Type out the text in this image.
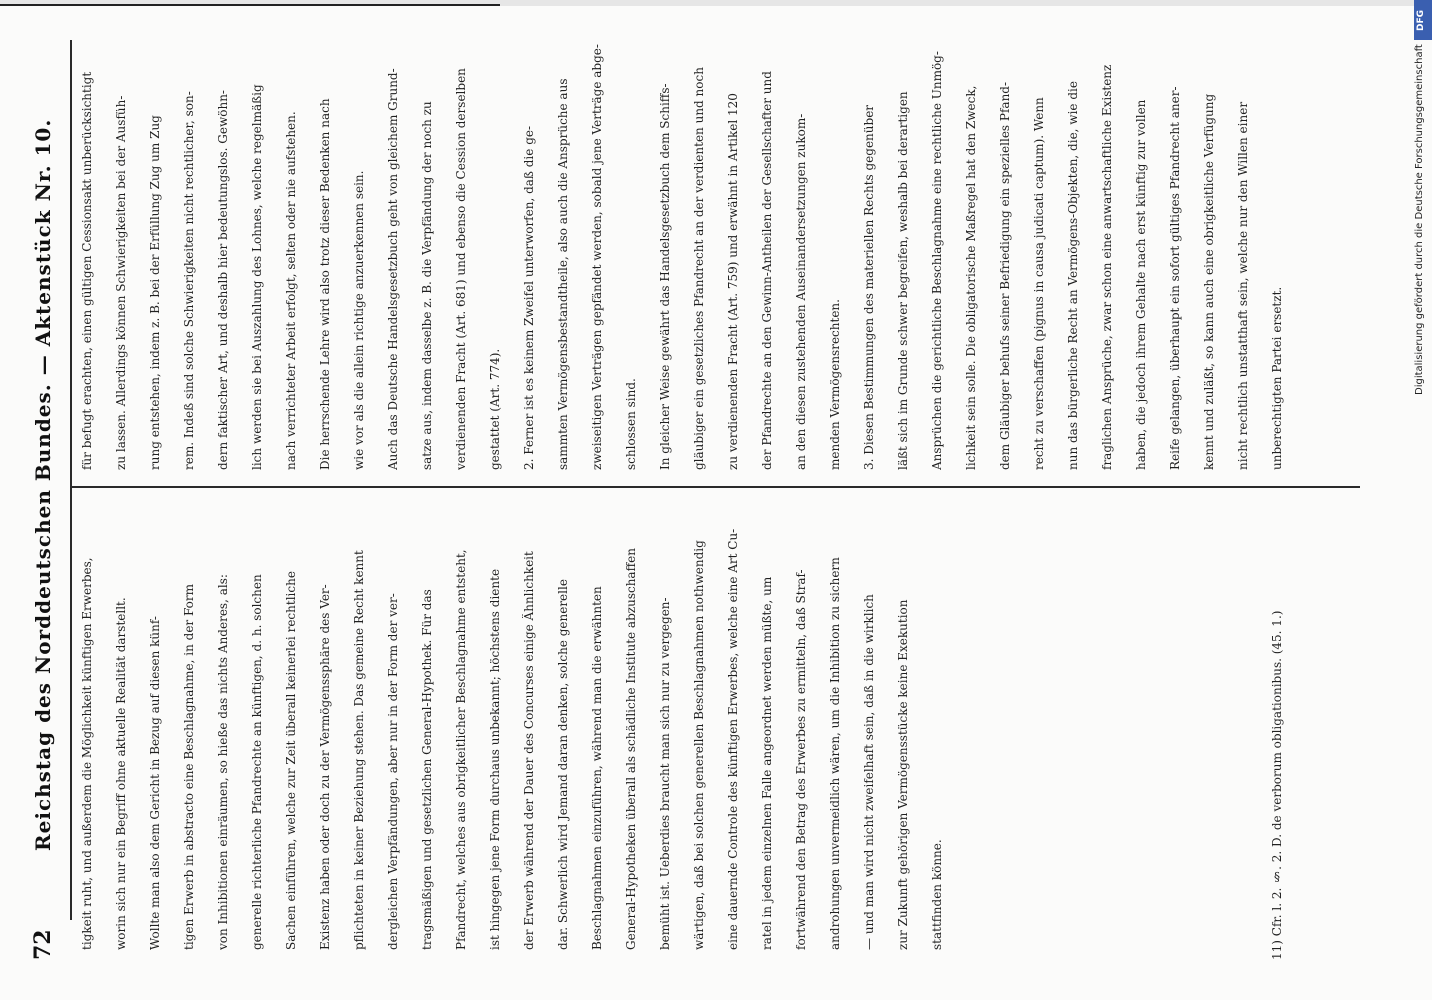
72
Reichstag des Norddeutschen Bundes. — Aktenstück Nr. 10. für befugt erachten, einen gültigen Cessionsakt unberücksichtigt zu lassen. Allerdings können Schwierigkeiten bei der Ausfüh- rung entstehen, indem z. B. bei der Erfüllung Zug um Zug rem. Indeß sind solche Schwierigkeiten nicht rechtlicher, son- dern faktischer Art, und deshalb hier bedeutungslos. Gewöhn- lich werden sie bei Auszahlung des Lohnes, welche regelmäßig nach verrichteter Arbeit erfolgt, selten oder nie aufstehen. Die herrschende Lehre wird also trotz dieser Bedenken nach wie vor als die allein richtige anzuerkennen sein. Auch das Deutsche Handelsgesetzbuch geht von gleichem Grund- satze aus, indem dasselbe z. B. die Verpfändung der noch zu verdienenden Fracht (Art. 681) und ebenso die Cession derselben gestattet (Art. 774). 2. Ferner ist es keinem Zweifel unterworfen, daß die ge- sammten Vermögensbestandtheile, also auch die Ansprüche aus zweiseitigen Verträgen gepfändet werden, sobald jene Verträge abge- schlossen sind. In gleicher Weise gewährt das Handelsgesetzbuch dem Schiffs- gläubiger ein gesetzliches Pfandrecht an der verdienten und noch zu verdienenden Fracht (Art. 759) und erwähnt in Artikel 120 der Pfandrechte an den Gewinn-Antheilen der Gesellschafter und an den diesen zustehenden Auseinandersetzungen zukom- menden Vermögensrechten. 3. Diesen Bestimmungen des materiellen Rechts gegenüber läßt sich im Grunde schwer begreifen, weshalb bei derartigen Ansprüchen die gerichtliche Beschlagnahme eine rechtliche Unmög- lichkeit sein solle. Die obligatorische Maßregel hat den Zweck, dem Gläubiger behufs seiner Befriedigung ein spezielles Pfand- recht zu verschaffen (pignus in causa judicati captum). Wenn nun das bürgerliche Recht an Vermögens-Objekten, die, wie die fraglichen Ansprüche, zwar schon eine anwartschaftliche Existenz haben, die jedoch ihrem Gehalte nach erst künftig zur vollen Reife gelangen, überhaupt ein sofort gültiges Pfandrecht aner- kennt und zuläßt, so kann auch eine obrigkeitliche Verfügung nicht rechtlich unstatthaft sein, welche nur den Willen einer unberechtigten Partei ersetzt.
tigkeit ruht, und außerdem die Möglichkeit künftigen Erwerbes, worin sich nur ein Begriff ohne aktuelle Realität darstellt. Wollte man also dem Gericht in Bezug auf diesen künf- tigen Erwerb in abstracto eine Beschlagnahme, in der Form von Inhibitionen einräumen, so hieße das nichts Anderes, als: generelle richterliche Pfandrechte an künftigen, d. h. solchen Sachen einführen, welche zur Zeit überall keinerlei rechtliche Existenz haben oder doch zu der Vermögenssphäre des Ver- pflichteten in keiner Beziehung stehen. Das gemeine Recht kennt dergleichen Verpfändungen, aber nur in der Form der ver- tragsmäßigen und gesetzlichen General-Hypothek. Für das Pfandrecht, welches aus obrigkeitlicher Beschlagnahme entsteht, ist hingegen jene Form durchaus unbekannt; höchstens diente der Erwerb während der Dauer des Concurses einige Ähnlichkeit dar. Schwerlich wird Jemand daran denken, solche generelle Beschlagnahmen einzuführen, während man die erwähnten General-Hypotheken überall als schädliche Institute abzuschaffen bemüht ist. Ueberdies braucht man sich nur zu vergegen- wärtigen, daß bei solchen generellen Beschlagnahmen nothwendig eine dauernde Controle des künftigen Erwerbes, welche eine Art Cu- ratel in jedem einzelnen Falle angeordnet werden müßte, um fortwährend den Betrag des Erwerbes zu ermitteln, daß Straf- androhungen unvermeidlich wären, um die Inhibition zu sichern — und man wird nicht zweifelhaft sein, daß in die wirklich zur Zukunft gehörigen Vermögensstücke keine Exekution stattfinden könne.	11) Cfr. l. 2. §. 2. D. de verborum obligationibus. (45. 1.)
DFG
Digitalisierung gefördert durch die Deutsche Forschungsgemeinschaft
